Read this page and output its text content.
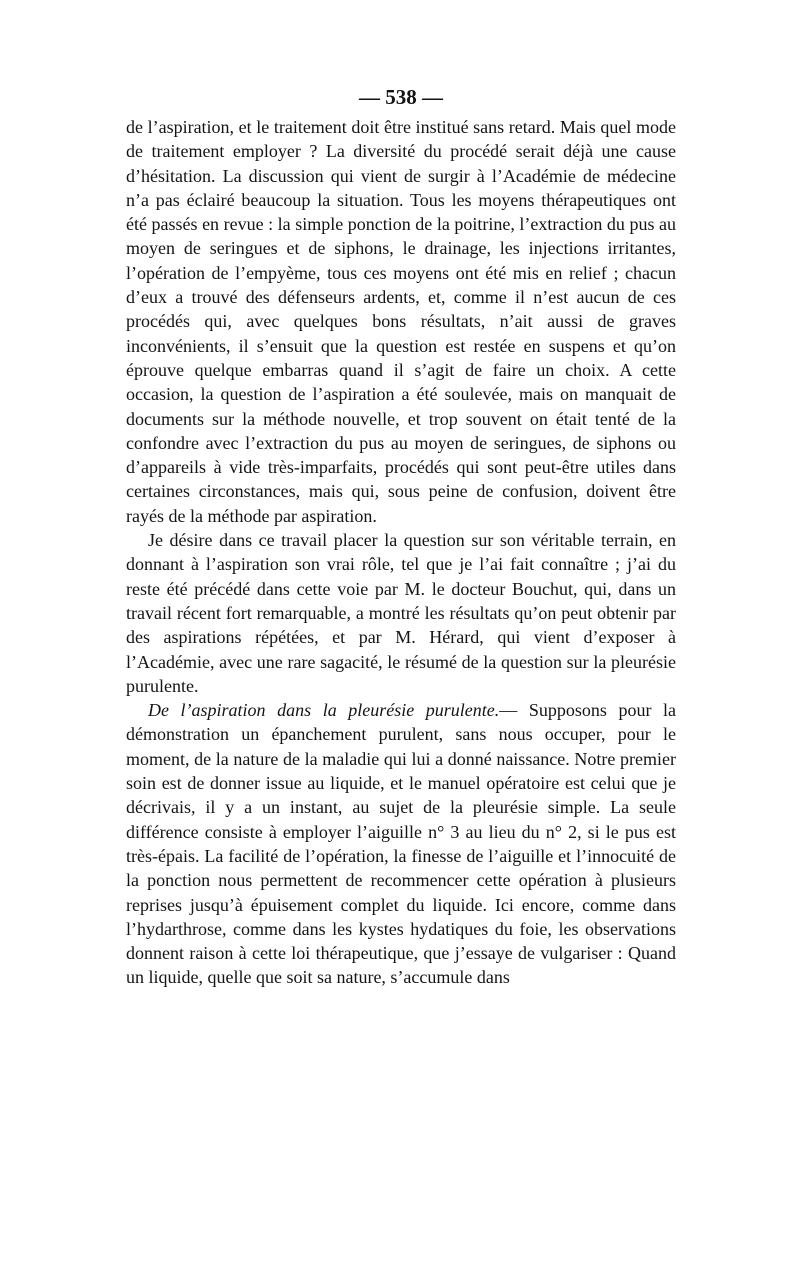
— 538 —

de l’aspiration, et le traitement doit être institué sans retard. Mais quel mode de traitement employer ? La diversité du procédé serait déjà une cause d’hésitation. La discussion qui vient de surgir à l’Académie de médecine n’a pas éclairé beaucoup la situation. Tous les moyens thérapeutiques ont été passés en revue : la simple ponction de la poitrine, l’extraction du pus au moyen de seringues et de siphons, le drainage, les injections irritantes, l’opération de l’empyème, tous ces moyens ont été mis en relief ; chacun d’eux a trouvé des défenseurs ardents, et, comme il n’est aucun de ces procédés qui, avec quelques bons résultats, n’ait aussi de graves inconvénients, il s’ensuit que la question est restée en suspens et qu’on éprouve quelque embarras quand il s’agit de faire un choix. A cette occasion, la question de l’aspiration a été soulevée, mais on manquait de documents sur la méthode nouvelle, et trop souvent on était tenté de la confondre avec l’extraction du pus au moyen de seringues, de siphons ou d’appareils à vide très-imparfaits, procédés qui sont peut-être utiles dans certaines circonstances, mais qui, sous peine de confusion, doivent être rayés de la méthode par aspiration.

Je désire dans ce travail placer la question sur son véritable terrain, en donnant à l’aspiration son vrai rôle, tel que je l’ai fait connaître ; j’ai du reste été précédé dans cette voie par M. le docteur Bouchut, qui, dans un travail récent fort remarquable, a montré les résultats qu’on peut obtenir par des aspirations répétées, et par M. Hérard, qui vient d’exposer à l’Académie, avec une rare sagacité, le résumé de la question sur la pleurésie purulente.

De l’aspiration dans la pleurésie purulente.— Supposons pour la démonstration un épanchement purulent, sans nous occuper, pour le moment, de la nature de la maladie qui lui a donné naissance. Notre premier soin est de donner issue au liquide, et le manuel opératoire est celui que je décrivais, il y a un instant, au sujet de la pleurésie simple. La seule différence consiste à employer l’aiguille n° 3 au lieu du n° 2, si le pus est très-épais. La facilité de l’opération, la finesse de l’aiguille et l’innocuité de la ponction nous permettent de recommencer cette opération à plusieurs reprises jusqu’à épuisement complet du liquide. Ici encore, comme dans l’hydarthrose, comme dans les kystes hydatiques du foie, les observations donnent raison à cette loi thérapeutique, que j’essaye de vulgariser : Quand un liquide, quelle que soit sa nature, s’accumule dans
